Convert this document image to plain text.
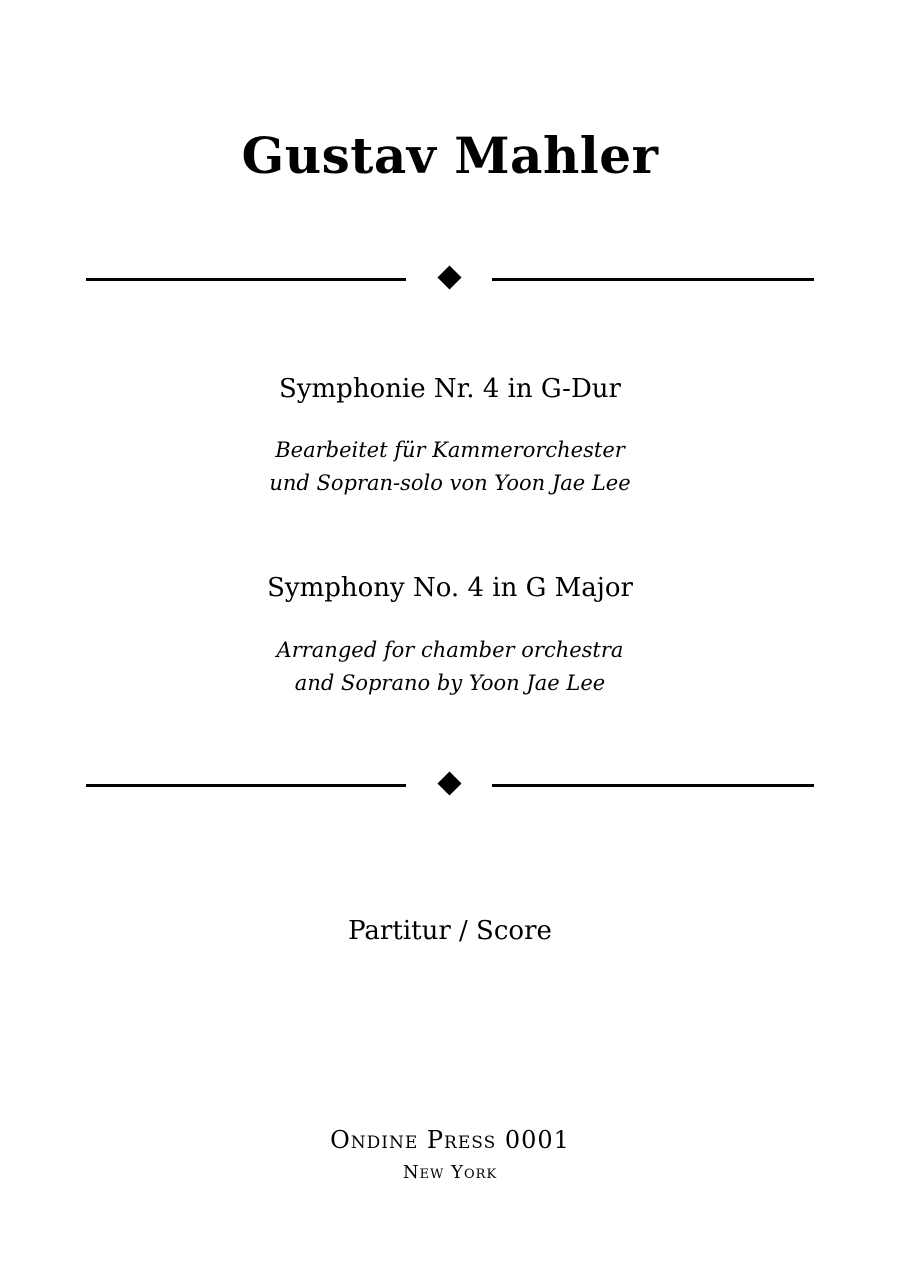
Gustav Mahler
Symphonie Nr. 4 in G-Dur
Bearbeitet für Kammerorchester
und Sopran-solo von Yoon Jae Lee
Symphony No. 4 in G Major
Arranged for chamber orchestra
and Soprano by Yoon Jae Lee
Partitur / Score
Ondine Press 0001
New York
